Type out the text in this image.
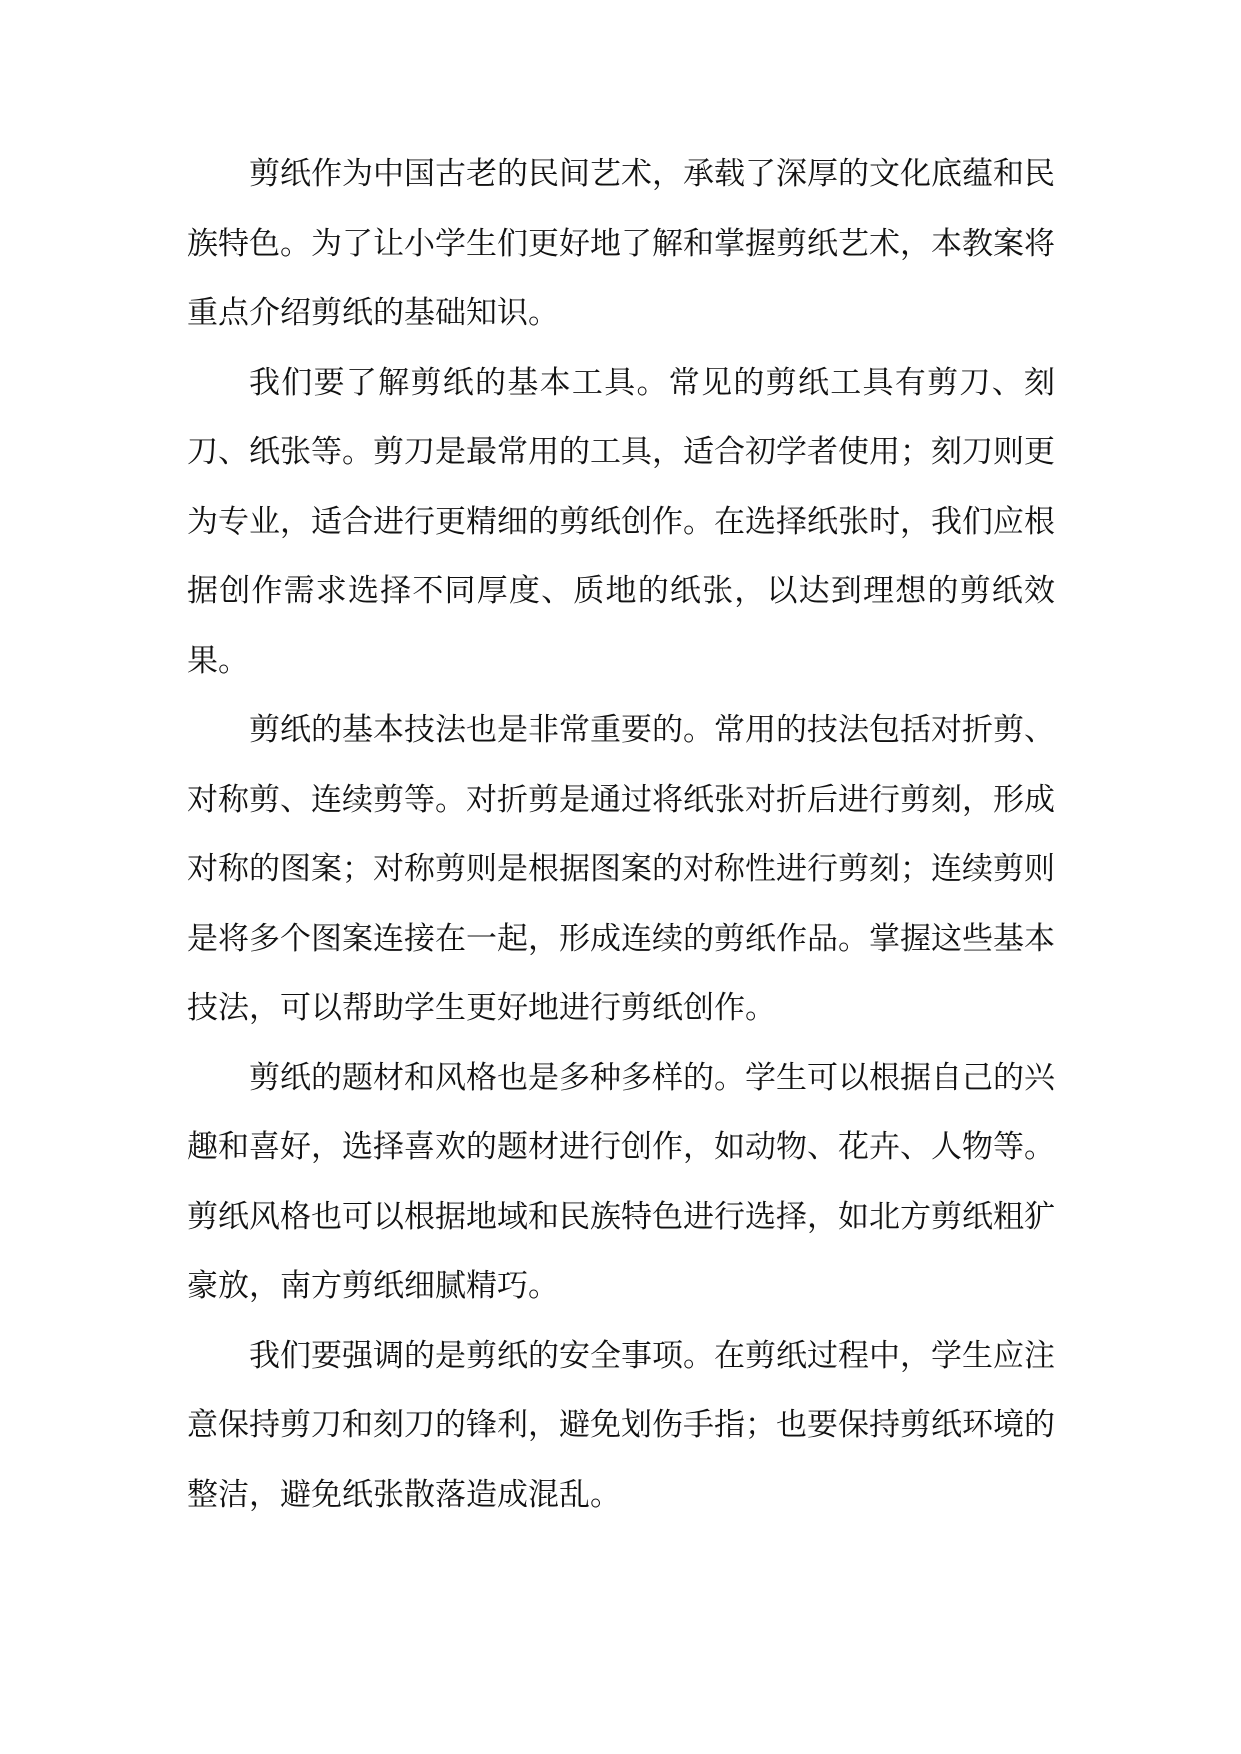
剪纸作为中国古老的民间艺术，承载了深厚的文化底蕴和民族特色。为了让小学生们更好地了解和掌握剪纸艺术，本教案将重点介绍剪纸的基础知识。

我们要了解剪纸的基本工具。常见的剪纸工具有剪刀、刻刀、纸张等。剪刀是最常用的工具，适合初学者使用；刻刀则更为专业，适合进行更精细的剪纸创作。在选择纸张时，我们应根据创作需求选择不同厚度、质地的纸张，以达到理想的剪纸效果。

剪纸的基本技法也是非常重要的。常用的技法包括对折剪、对称剪、连续剪等。对折剪是通过将纸张对折后进行剪刻，形成对称的图案；对称剪则是根据图案的对称性进行剪刻；连续剪则是将多个图案连接在一起，形成连续的剪纸作品。掌握这些基本技法，可以帮助学生更好地进行剪纸创作。

剪纸的题材和风格也是多种多样的。学生可以根据自己的兴趣和喜好，选择喜欢的题材进行创作，如动物、花卉、人物等。剪纸风格也可以根据地域和民族特色进行选择，如北方剪纸粗犷豪放，南方剪纸细腻精巧。

我们要强调的是剪纸的安全事项。在剪纸过程中，学生应注意保持剪刀和刻刀的锋利，避免划伤手指；也要保持剪纸环境的整洁，避免纸张散落造成混乱。
